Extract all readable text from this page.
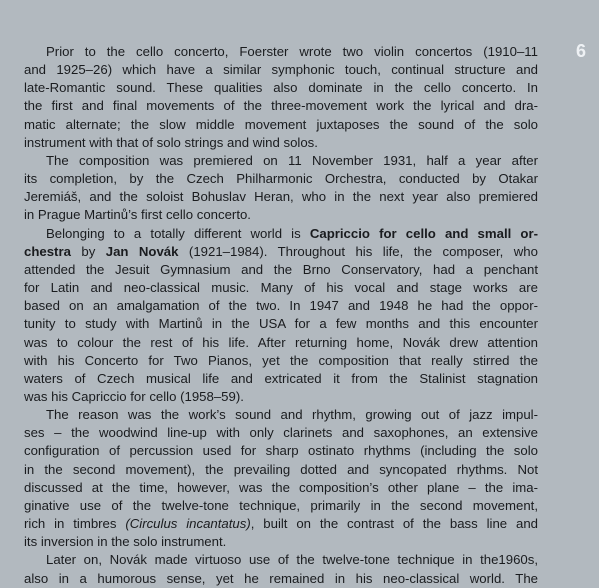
6
Prior to the cello concerto, Foerster wrote two violin concertos (1910–11
and 1925–26) which have a similar symphonic touch, continual structure and
late-Romantic sound. These qualities also dominate in the cello concerto. In
the first and final movements of the three-movement work the lyrical and dra-
matic alternate; the slow middle movement juxtaposes the sound of the solo
instrument with that of solo strings and wind solos.
The composition was premiered on 11 November 1931, half a year after
its completion, by the Czech Philharmonic Orchestra, conducted by Otakar
Jeremiáš, and the soloist Bohuslav Heran, who in the next year also premiered
in Prague Martinů’s first cello concerto.
Belonging to a totally different world is Capriccio for cello and small or-
chestra by Jan Novák (1921–1984). Throughout his life, the composer, who
attended the Jesuit Gymnasium and the Brno Conservatory, had a penchant
for Latin and neo-classical music. Many of his vocal and stage works are
based on an amalgamation of the two. In 1947 and 1948 he had the oppor-
tunity to study with Martinů in the USA for a few months and this encounter
was to colour the rest of his life. After returning home, Novák drew attention
with his Concerto for Two Pianos, yet the composition that really stirred the
waters of Czech musical life and extricated it from the Stalinist stagnation
was his Capriccio for cello (1958–59).
The reason was the work’s sound and rhythm, growing out of jazz impul-
ses – the woodwind line-up with only clarinets and saxophones, an extensive
configuration of percussion used for sharp ostinato rhythms (including the solo
in the second movement), the prevailing dotted and syncopated rhythms. Not
discussed at the time, however, was the composition’s other plane – the ima-
ginative use of the twelve-tone technique, primarily in the second movement,
rich in timbres (Circulus incantatus), built on the contrast of the bass line and
its inversion in the solo instrument.
Later on, Novák made virtuoso use of the twelve-tone technique in the1960s,
also in a humorous sense, yet he remained in his neo-classical world. The
